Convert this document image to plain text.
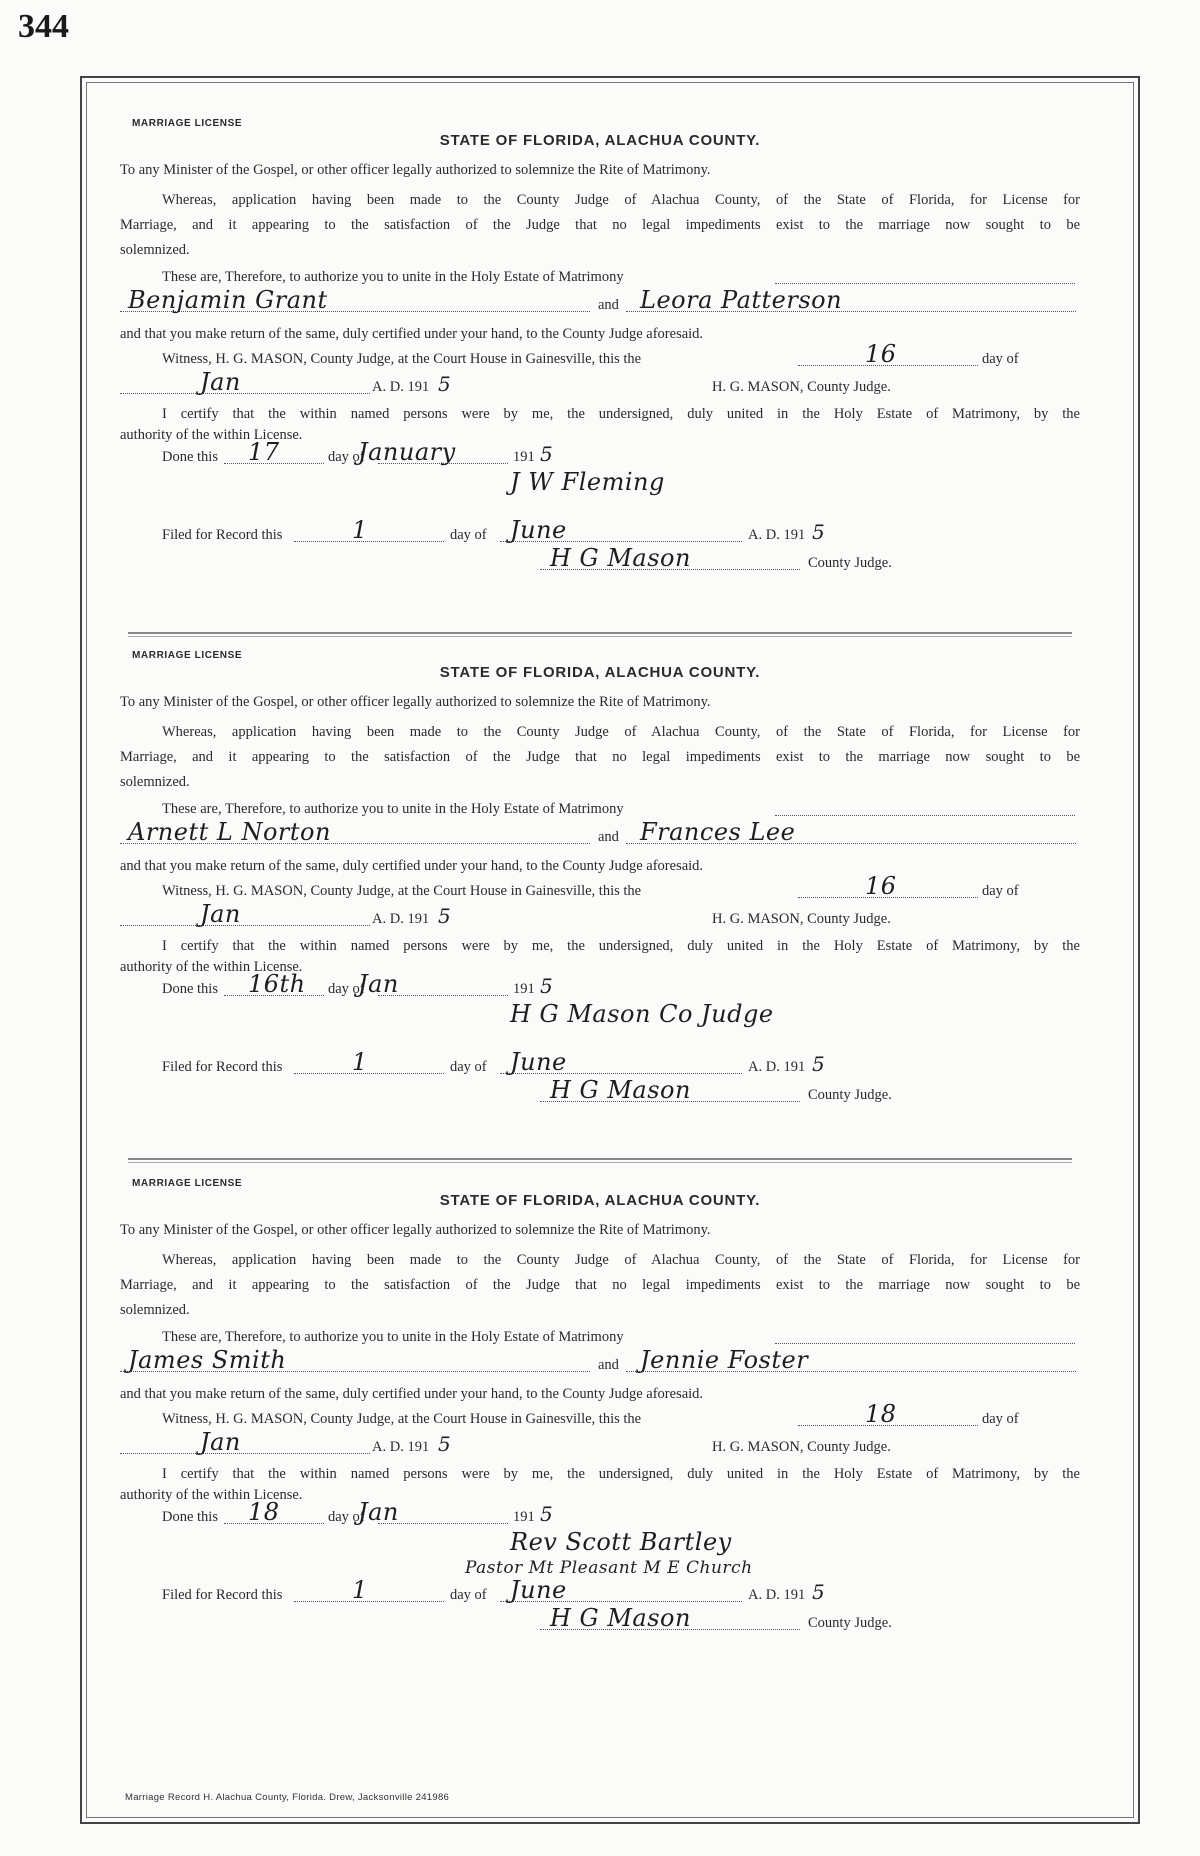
344
MARRIAGE LICENSE
STATE OF FLORIDA, ALACHUA COUNTY.
To any Minister of the Gospel, or other officer legally authorized to solemnize the Rite of Matrimony.
Whereas, application having been made to the County Judge of Alachua County, of the State of Florida, for License for
Marriage, and it appearing to the satisfaction of the Judge that no legal impediments exist to the marriage now sought to be
solemnized.
These are, Therefore, to authorize you to unite in the Holy Estate of Matrimony
Benjamin Grant	and Leora Patterson
and that you make return of the same, duly certified under your hand, to the County Judge aforesaid.
Witness, H. G. MASON, County Judge, at the Court House in Gainesville, this the	16	day of
Jan	A. D. 191 5	H. G. MASON, County Judge.
I certify that the within named persons were by me, the undersigned, duly united in the Holy Estate of Matrimony, by the
authority of the within License.
Done this 17	day of
January	191 5
J W Fleming
Filed for Record this	1	day of June	A. D. 191 5
H G Mason	County Judge.
MARRIAGE LICENSE
STATE OF FLORIDA, ALACHUA COUNTY.
To any Minister of the Gospel, or other officer legally authorized to solemnize the Rite of Matrimony.
Whereas, application having been made to the County Judge of Alachua County, of the State of Florida, for License for
Marriage, and it appearing to the satisfaction of the Judge that no legal impediments exist to the marriage now sought to be
solemnized.
These are, Therefore, to authorize you to unite in the Holy Estate of Matrimony
Arnett L Norton	and Frances Lee
and that you make return of the same, duly certified under your hand, to the County Judge aforesaid.
Witness, H. G. MASON, County Judge, at the Court House in Gainesville, this the	16	day of
Jan	A. D. 191 5	H. G. MASON, County Judge.
I certify that the within named persons were by me, the undersigned, duly united in the Holy Estate of Matrimony, by the
authority of the within License.
Done this 16th day of
Jan	191 5
H G Mason Co Judge
Filed for Record this	1	day of June	A. D. 191 5
H G Mason	County Judge.
MARRIAGE LICENSE
STATE OF FLORIDA, ALACHUA COUNTY.
To any Minister of the Gospel, or other officer legally authorized to solemnize the Rite of Matrimony.
Whereas, application having been made to the County Judge of Alachua County, of the State of Florida, for License for
Marriage, and it appearing to the satisfaction of the Judge that no legal impediments exist to the marriage now sought to be
solemnized.
These are, Therefore, to authorize you to unite in the Holy Estate of Matrimony
James Smith	and Jennie Foster
and that you make return of the same, duly certified under your hand, to the County Judge aforesaid.
Witness, H. G. MASON, County Judge, at the Court House in Gainesville, this the	18	day of
Jan	A. D. 191 5	H. G. MASON, County Judge.
I certify that the within named persons were by me, the undersigned, duly united in the Holy Estate of Matrimony, by the
authority of the within License.
Done this 18	day of
Jan	191 5
Rev Scott Bartley
Pastor Mt Pleasant M E Church
Filed for Record this	1	day of June	A. D. 191 5
H G Mason	County Judge.
Marriage Record H. Alachua County, Florida. Drew, Jacksonville 241986
